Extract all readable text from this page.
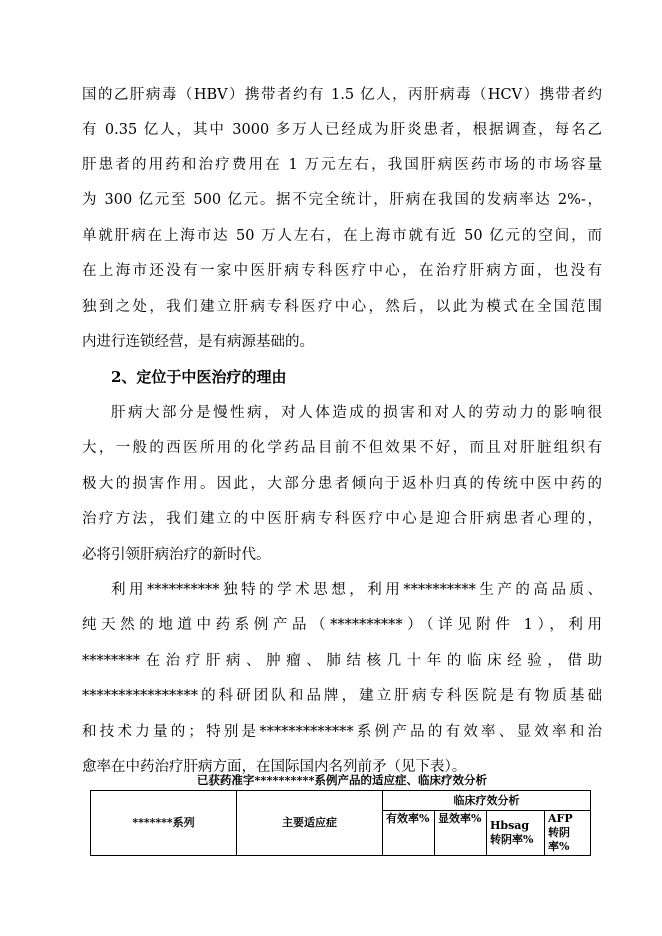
国的乙肝病毒（HBV）携带者约有 1.5 亿人，丙肝病毒（HCV）携带者约
有 0.35 亿人，其中 3000 多万人已经成为肝炎患者，根据调查，每名乙
肝患者的用药和治疗费用在 1 万元左右，我国肝病医药市场的市场容量
为 300 亿元至 500 亿元。据不完全统计，肝病在我国的发病率达 2%-，
单就肝病在上海市达 50 万人左右，在上海市就有近 50 亿元的空间，而
在上海市还没有一家中医肝病专科医疗中心，在治疗肝病方面，也没有
独到之处，我们建立肝病专科医疗中心，然后，以此为模式在全国范围
内进行连锁经营，是有病源基础的。
2、定位于中医治疗的理由
肝病大部分是慢性病，对人体造成的损害和对人的劳动力的影响很
大，一般的西医所用的化学药品目前不但效果不好，而且对肝脏组织有
极大的损害作用。因此，大部分患者倾向于返朴归真的传统中医中药的
治疗方法，我们建立的中医肝病专科医疗中心是迎合肝病患者心理的，
必将引领肝病治疗的新时代。
利用**********独特的学术思想，利用**********生产的高品质、
纯天然的地道中药系例产品（**********）（详见附件 1），利用
********在治疗肝病、肿瘤、肺结核几十年的临床经验，借助
****************的科研团队和品牌，建立肝病专科医院是有物质基础
和技术力量的；特别是*************系例产品的有效率、显效率和治
愈率在中药治疗肝病方面，在国际国内名列前矛（见下表）。
已获药准字**********系例产品的适应症、临床疗效分析
*******系列	主要适应症	临床疗效分析			
		有效率%	显效率%	Hbsag 转阴率%	AFP 转阴率%
